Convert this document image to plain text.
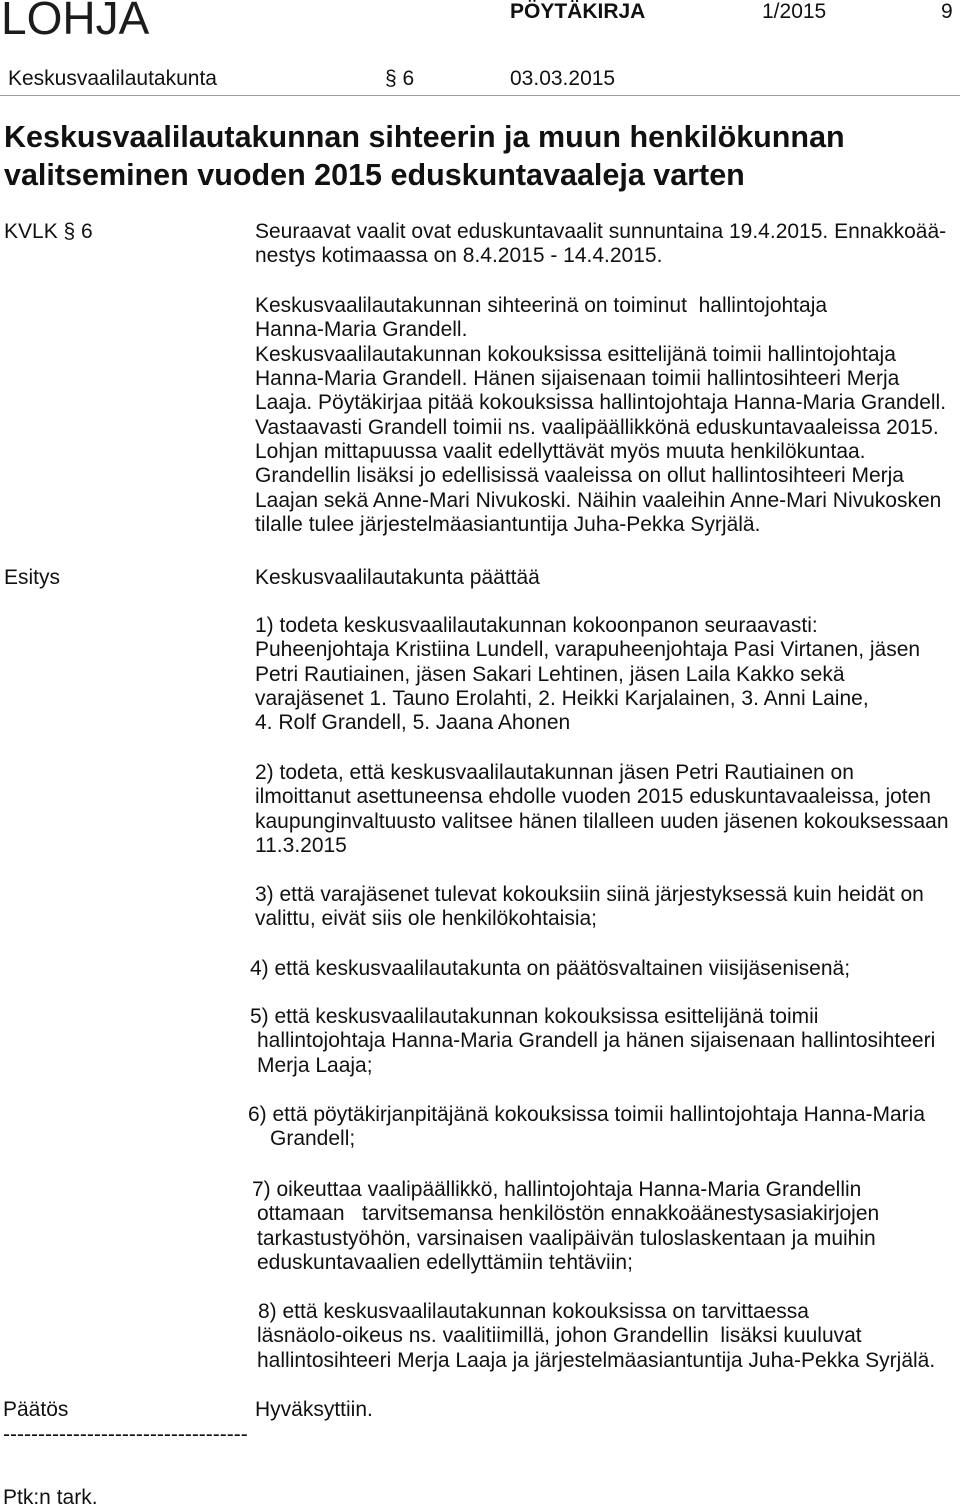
LOHJA	PÖYTÄKIRJA	1/2015	9
Keskusvaalilautakunta	§ 6	03.03.2015
Keskusvaalilautakunnan sihteerin ja muun henkilökunnan
valitseminen vuoden 2015 eduskuntavaaleja varten
KVLK § 6	Seuraavat vaalit ovat eduskuntavaalit sunnuntaina 19.4.2015. Ennakkoää-
nestys kotimaassa on 8.4.2015 - 14.4.2015.
Keskusvaalilautakunnan sihteerinä on toiminut  hallintojohtaja
Hanna-Maria Grandell.
Keskusvaalilautakunnan kokouksissa esittelijänä toimii hallintojohtaja
Hanna-Maria Grandell. Hänen sijaisenaan toimii hallintosihteeri Merja
Laaja. Pöytäkirjaa pitää kokouksissa hallintojohtaja Hanna-Maria Grandell.
Vastaavasti Grandell toimii ns. vaalipäällikkönä eduskuntavaaleissa 2015.
Lohjan mittapuussa vaalit edellyttävät myös muuta henkilökuntaa.
Grandellin lisäksi jo edellisissä vaaleissa on ollut hallintosihteeri Merja
Laajan sekä Anne-Mari Nivukoski. Näihin vaaleihin Anne-Mari Nivukosken
tilalle tulee järjestelmäasiantuntija Juha-Pekka Syrjälä.
Esitys	Keskusvaalilautakunta päättää
1) todeta keskusvaalilautakunnan kokoonpanon seuraavasti:
Puheenjohtaja Kristiina Lundell, varapuheenjohtaja Pasi Virtanen, jäsen
Petri Rautiainen, jäsen Sakari Lehtinen, jäsen Laila Kakko sekä
varajäsenet 1. Tauno Erolahti, 2. Heikki Karjalainen, 3. Anni Laine,
4. Rolf Grandell, 5. Jaana Ahonen
2) todeta, että keskusvaalilautakunnan jäsen Petri Rautiainen on
ilmoittanut asettuneensa ehdolle vuoden 2015 eduskuntavaaleissa, joten
kaupunginvaltuusto valitsee hänen tilalleen uuden jäsenen kokouksessaan
11.3.2015
3) että varajäsenet tulevat kokouksiin siinä järjestyksessä kuin heidät on
valittu, eivät siis ole henkilökohtaisia;
4) että keskusvaalilautakunta on päätösvaltainen viisijäsenisenä;
5) että keskusvaalilautakunnan kokouksissa esittelijänä toimii
hallintojohtaja Hanna-Maria Grandell ja hänen sijaisenaan hallintosihteeri
Merja Laaja;
6) että pöytäkirjanpitäjänä kokouksissa toimii hallintojohtaja Hanna-Maria
Grandell;
7) oikeuttaa vaalipäällikkö, hallintojohtaja Hanna-Maria Grandellin
ottamaan   tarvitsemansa henkilöstön ennakkoäänestysasiakirjojen
tarkastustyöhön, varsinaisen vaalipäivän tuloslaskentaan ja muihin
eduskuntavaalien edellyttämiin tehtäviin;
8) että keskusvaalilautakunnan kokouksissa on tarvittaessa
läsnäolo-oikeus ns. vaalitiimillä, johon Grandellin  lisäksi kuuluvat
hallintosihteeri Merja Laaja ja järjestelmäasiantuntija Juha-Pekka Syrjälä.
Päätös	Hyväksyttiin.
-----------------------------------
Ptk:n tark.
